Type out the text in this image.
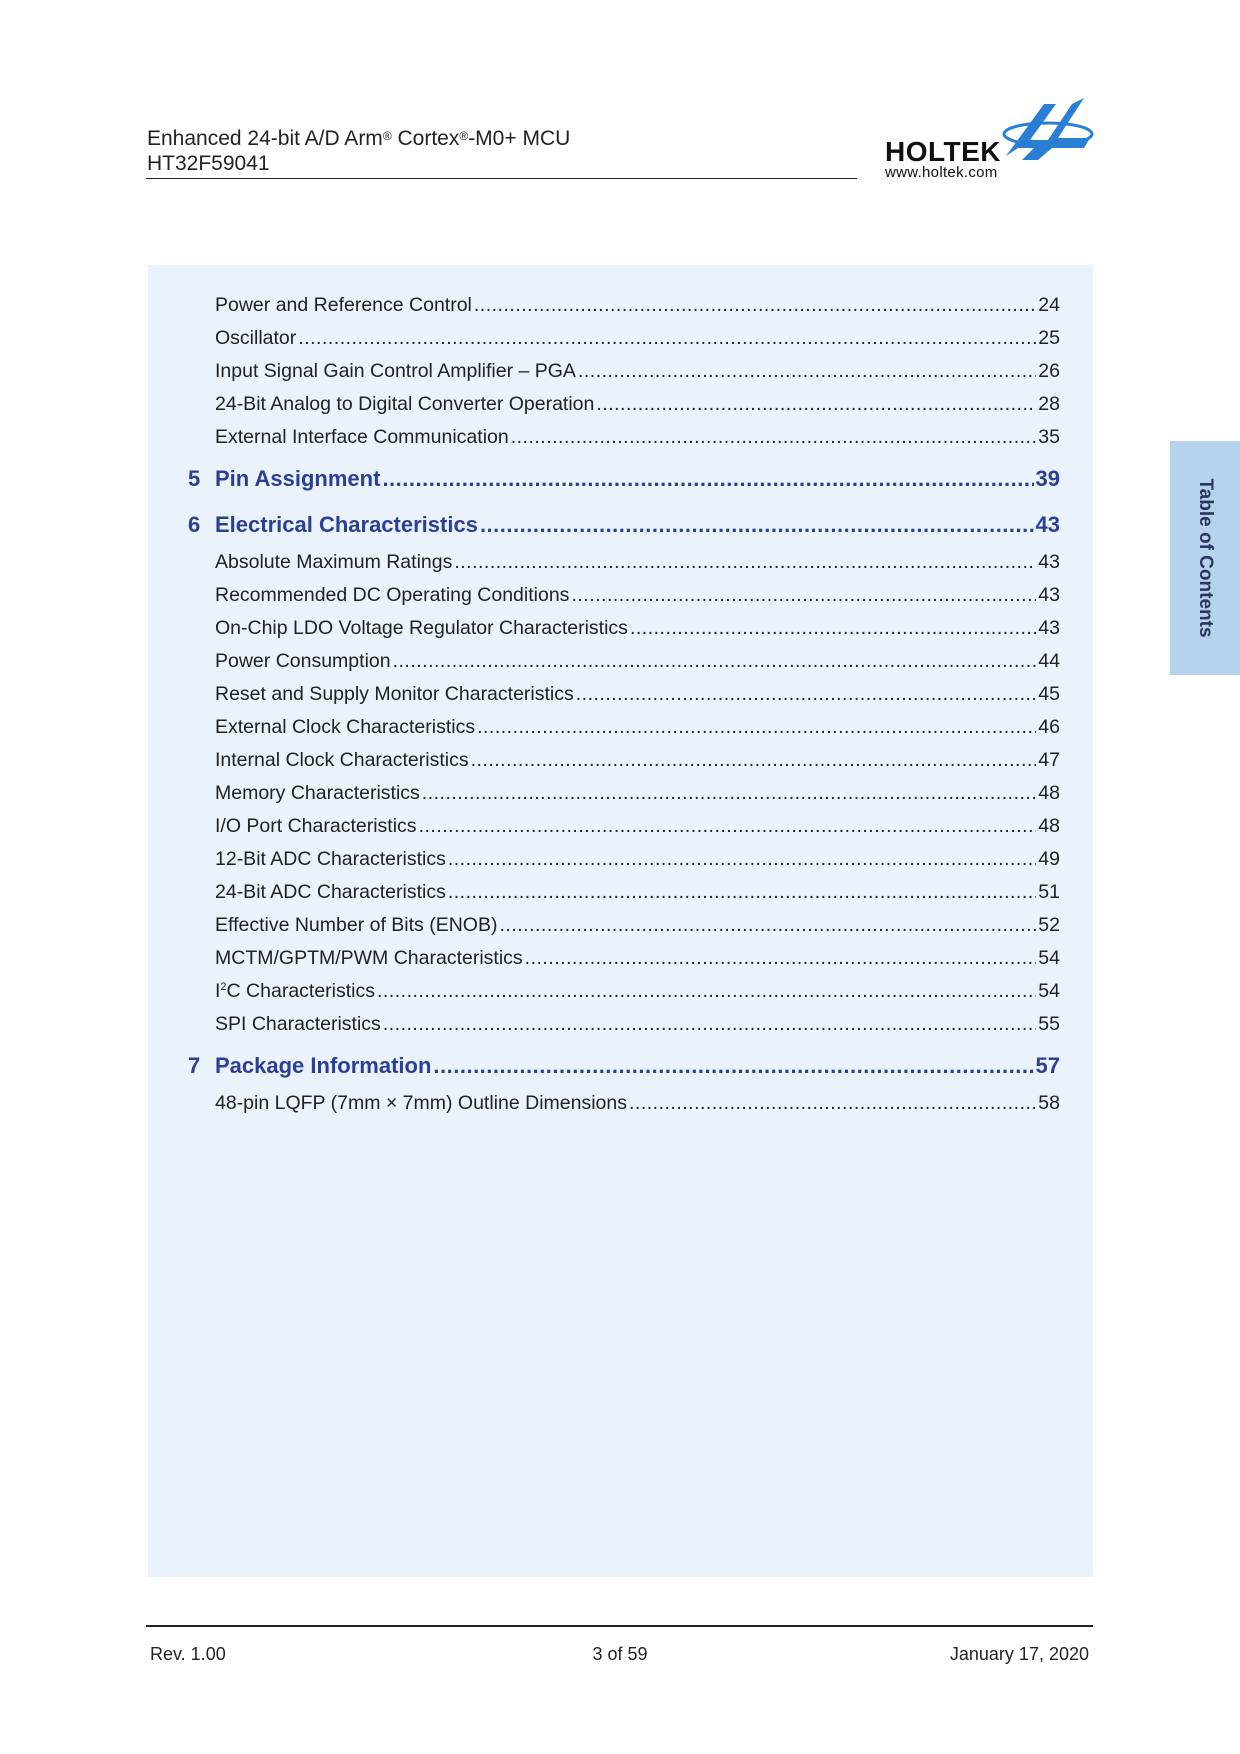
Enhanced 24-bit A/D Arm® Cortex®-M0+ MCU
HT32F59041	HOLTEK
www.holtek.com
Power and Reference Control .....	24
Oscillator .....	25
Input Signal Gain Control Amplifier – PGA .....	26
24-Bit Analog to Digital Converter Operation .....	28
External Interface Communication .....	35
5 Pin Assignment .....	39
6 Electrical Characteristics .....	43
Absolute Maximum Ratings .....	43
Recommended DC Operating Conditions .....	43
On-Chip LDO Voltage Regulator Characteristics .....	43
Power Consumption .....	44
Reset and Supply Monitor Characteristics .....	45
External Clock Characteristics .....	46
Internal Clock Characteristics .....	47
Memory Characteristics .....	48
I/O Port Characteristics .....	48
12-Bit ADC Characteristics .....	49
24-Bit ADC Characteristics .....	51
Effective Number of Bits (ENOB) .....	52
MCTM/GPTM/PWM Characteristics .....	54
$I^2C$ Characteristics .....	54
SPI Characteristics .....	55
7 Package Information .....	57
48-pin LQFP (7mm × 7mm) Outline Dimensions .....	58
Table of Contents
Rev. 1.00	3 of 59	January 17, 2020
